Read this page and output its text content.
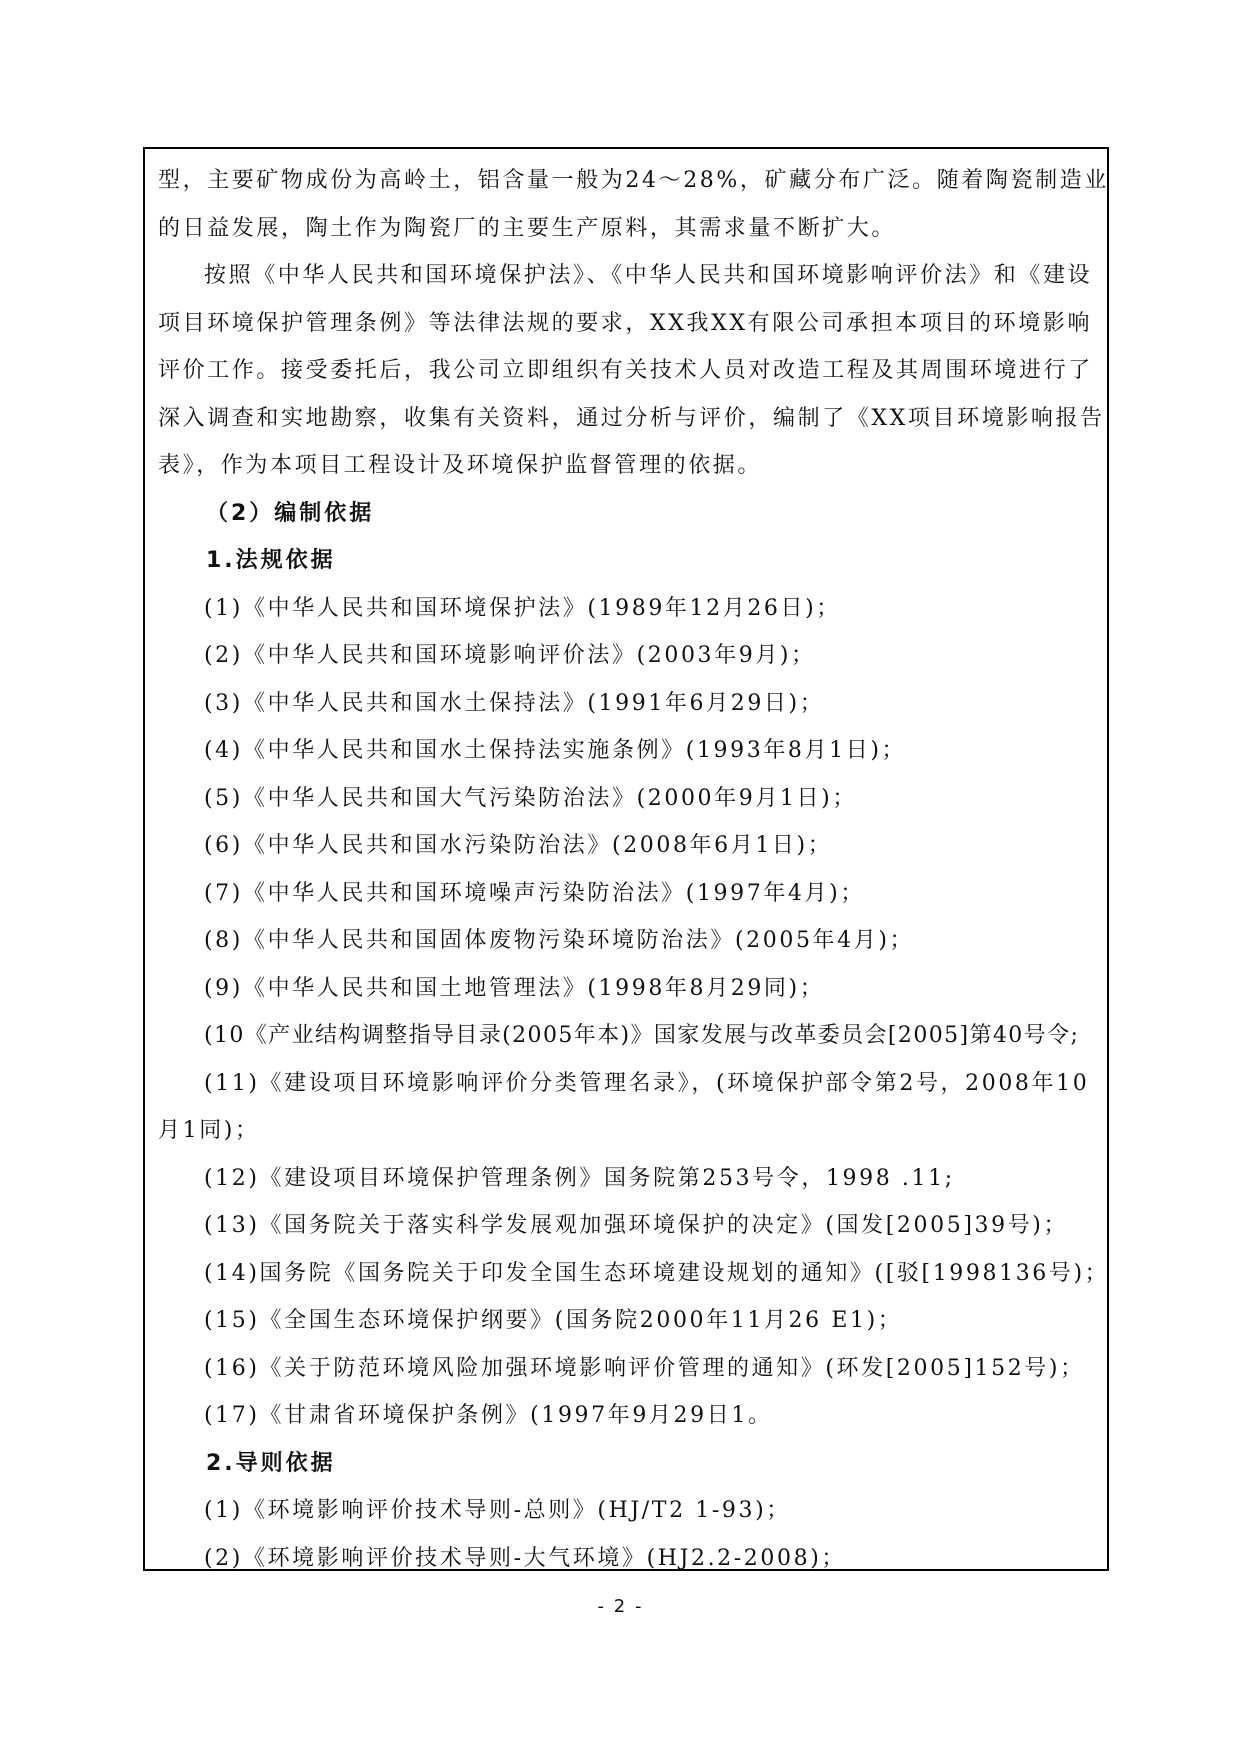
型，主要矿物成份为高岭土，铝含量一般为24～28%，矿藏分布广泛。随着陶瓷制造业
的日益发展，陶土作为陶瓷厂的主要生产原料，其需求量不断扩大。
按照《中华人民共和国环境保护法》、《中华人民共和国环境影响评价法》和《建设
项目环境保护管理条例》等法律法规的要求，XX我XX有限公司承担本项目的环境影响
评价工作。接受委托后，我公司立即组织有关技术人员对改造工程及其周围环境进行了
深入调查和实地勘察，收集有关资料，通过分析与评价，编制了《XX项目环境影响报告
表》，作为本项目工程设计及环境保护监督管理的依据。
（2）编制依据
1.法规依据
(1)《中华人民共和国环境保护法》(1989年12月26日)；
(2)《中华人民共和国环境影响评价法》(2003年9月)；
(3)《中华人民共和国水土保持法》(1991年6月29日)；
(4)《中华人民共和国水土保持法实施条例》(1993年8月1日)；
(5)《中华人民共和国大气污染防治法》(2000年9月1日)；
(6)《中华人民共和国水污染防治法》(2008年6月1日)；
(7)《中华人民共和国环境噪声污染防治法》(1997年4月)；
(8)《中华人民共和国固体废物污染环境防治法》(2005年4月)；
(9)《中华人民共和国土地管理法》(1998年8月29同)；
(10《产业结构调整指导目录(2005年本)》国家发展与改革委员会[2005]第40号令;
(11)《建设项目环境影响评价分类管理名录》，(环境保护部令第2号，2008年10
月1同)；
(12)《建设项目环境保护管理条例》国务院第253号令，1998 .11;
(13)《国务院关于落实科学发展观加强环境保护的决定》(国发[2005]39号)；
(14)国务院《国务院关于印发全国生态环境建设规划的通知》([驳[1998136号)；
(15)《全国生态环境保护纲要》(国务院2000年11月26 E1)；
(16)《关于防范环境风险加强环境影响评价管理的通知》(环发[2005]152号)；
(17)《甘肃省环境保护条例》(1997年9月29日1。
2.导则依据
(1)《环境影响评价技术导则-总则》(HJ/T2 1-93)；
(2)《环境影响评价技术导则-大气环境》(HJ2.2-2008)；
- 2 -
